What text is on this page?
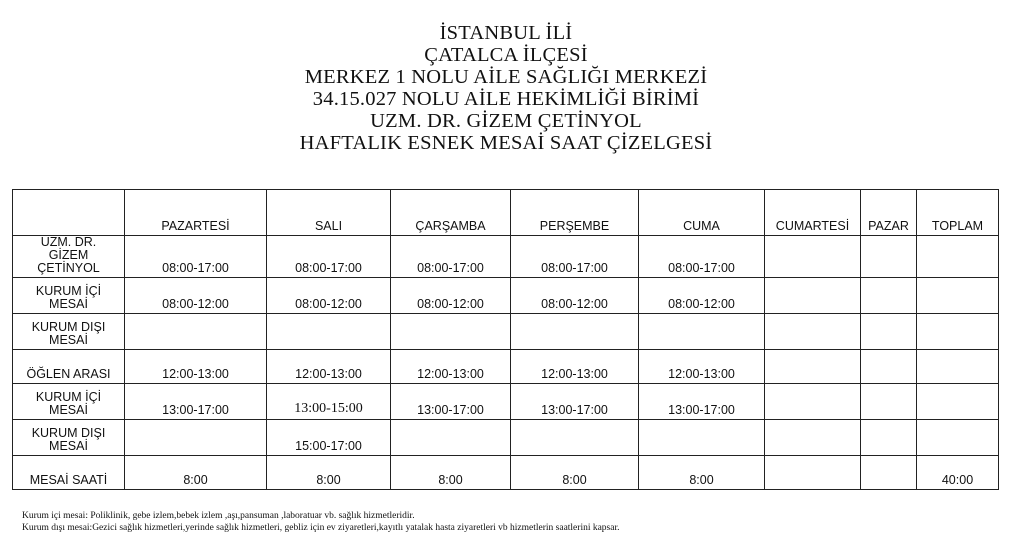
İSTANBUL İLİ
ÇATALCA İLÇESİ
MERKEZ 1 NOLU AİLE SAĞLIĞI MERKEZİ
34.15.027 NOLU AİLE HEKİMLİĞİ BİRİMİ
UZM. DR. GİZEM ÇETİNYOL
HAFTALIK ESNEK MESAİ SAAT ÇİZELGESİ
	PAZARTESİ	SALI	ÇARŞAMBA	PERŞEMBE	CUMA	CUMARTESİ	PAZAR	TOPLAM

UZM. DR.
GİZEM
ÇETİNYOL	08:00-17:00	08:00-17:00	08:00-17:00	08:00-17:00	08:00-17:00			

KURUM İÇİ
MESAİ	08:00-12:00	08:00-12:00	08:00-12:00	08:00-12:00	08:00-12:00			

KURUM DIŞI
MESAİ								

ÖĞLEN ARASI	12:00-13:00	12:00-13:00	12:00-13:00	12:00-13:00	12:00-13:00			

KURUM İÇİ
MESAİ	13:00-17:00	13:00-15:00	13:00-17:00	13:00-17:00	13:00-17:00			

KURUM DIŞI
MESAİ		15:00-17:00						

MESAİ SAATİ	8:00	8:00	8:00	8:00	8:00			40:00
Kurum içi mesai: Poliklinik, gebe izlem,bebek izlem ,aşı,pansuman ,laboratuar vb. sağlık hizmetleridir.
Kurum dışı mesai:Gezici sağlık hizmetleri,yerinde sağlık hizmetleri, gebliz için ev ziyaretleri,kayıtlı yatalak hasta ziyaretleri vb hizmetlerin saatlerini kapsar.
